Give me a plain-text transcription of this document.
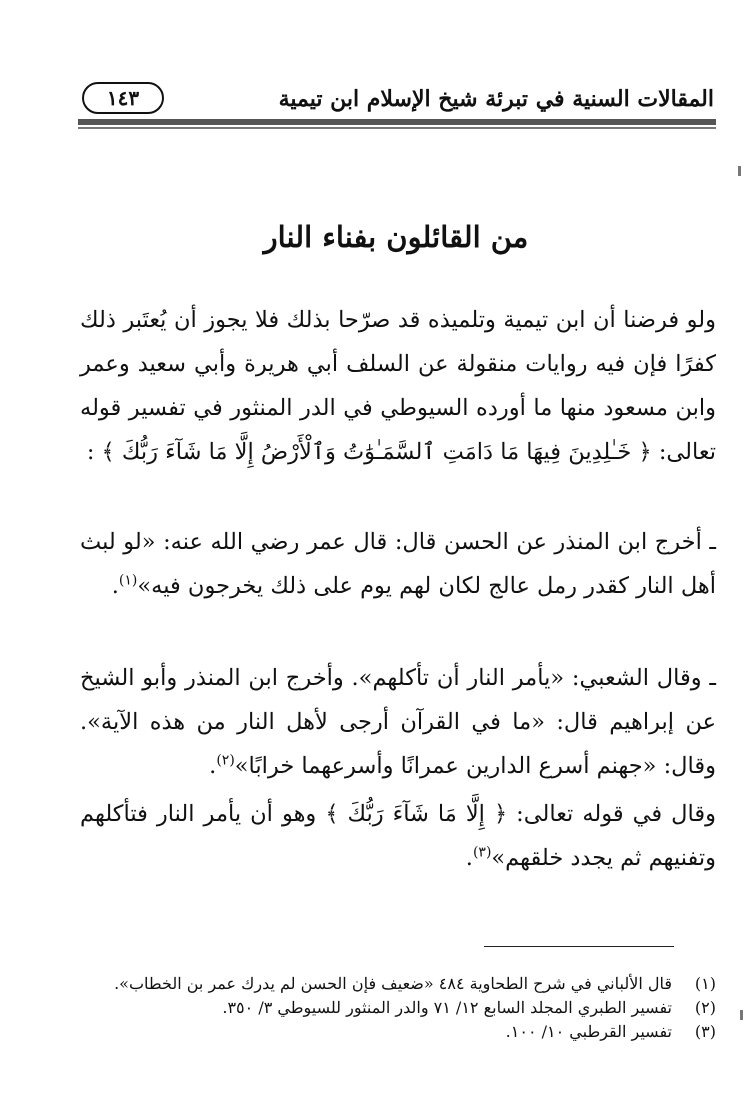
المقالات السنية في تبرئة شيخ الإسلام ابن تيمية
١٤٣
من القائلون بفناء النار
ولو فرضنا أن ابن تيمية وتلميذه قد صرّحا بذلك فلا يجوز أن يُعتَبر ذلك كفرًا فإن فيه روايات منقولة عن السلف أبي هريرة وأبي سعيد وعمر وابن مسعود منها ما أورده السيوطي في الدر المنثور في تفسير قوله تعالى: ﴿ خَـٰلِدِينَ فِيهَا مَا دَامَتِ ٱلسَّمَـٰوَٰتُ وَٱلْأَرْضُ إِلَّا مَا شَآءَ رَبُّكَ ﴾ :
ـ أخرج ابن المنذر عن الحسن قال: قال عمر رضي الله عنه: «لو لبث أهل النار كقدر رمل عالج لكان لهم يوم على ذلك يخرجون فيه»$^{(١)}$.
ـ وقال الشعبي: «يأمر النار أن تأكلهم». وأخرج ابن المنذر وأبو الشيخ عن إبراهيم قال: «ما في القرآن أرجى لأهل النار من هذه الآية». وقال: «جهنم أسرع الدارين عمرانًا وأسرعهما خرابًا»$^{(٢)}$.
وقال في قوله تعالى: ﴿ إِلَّا مَا شَآءَ رَبُّكَ ﴾ وهو أن يأمر النار فتأكلهم وتفنيهم ثم يجدد خلقهم»$^{(٣)}$.
(١)قال الألباني في شرح الطحاوية ٤٨٤ «ضعيف فإن الحسن لم يدرك عمر بن الخطاب».
(٢)تفسير الطبري المجلد السابع ١٢/ ٧١ والدر المنثور للسيوطي ٣/ ٣٥٠.
(٣)تفسير القرطبي ١٠/ ١٠٠.
